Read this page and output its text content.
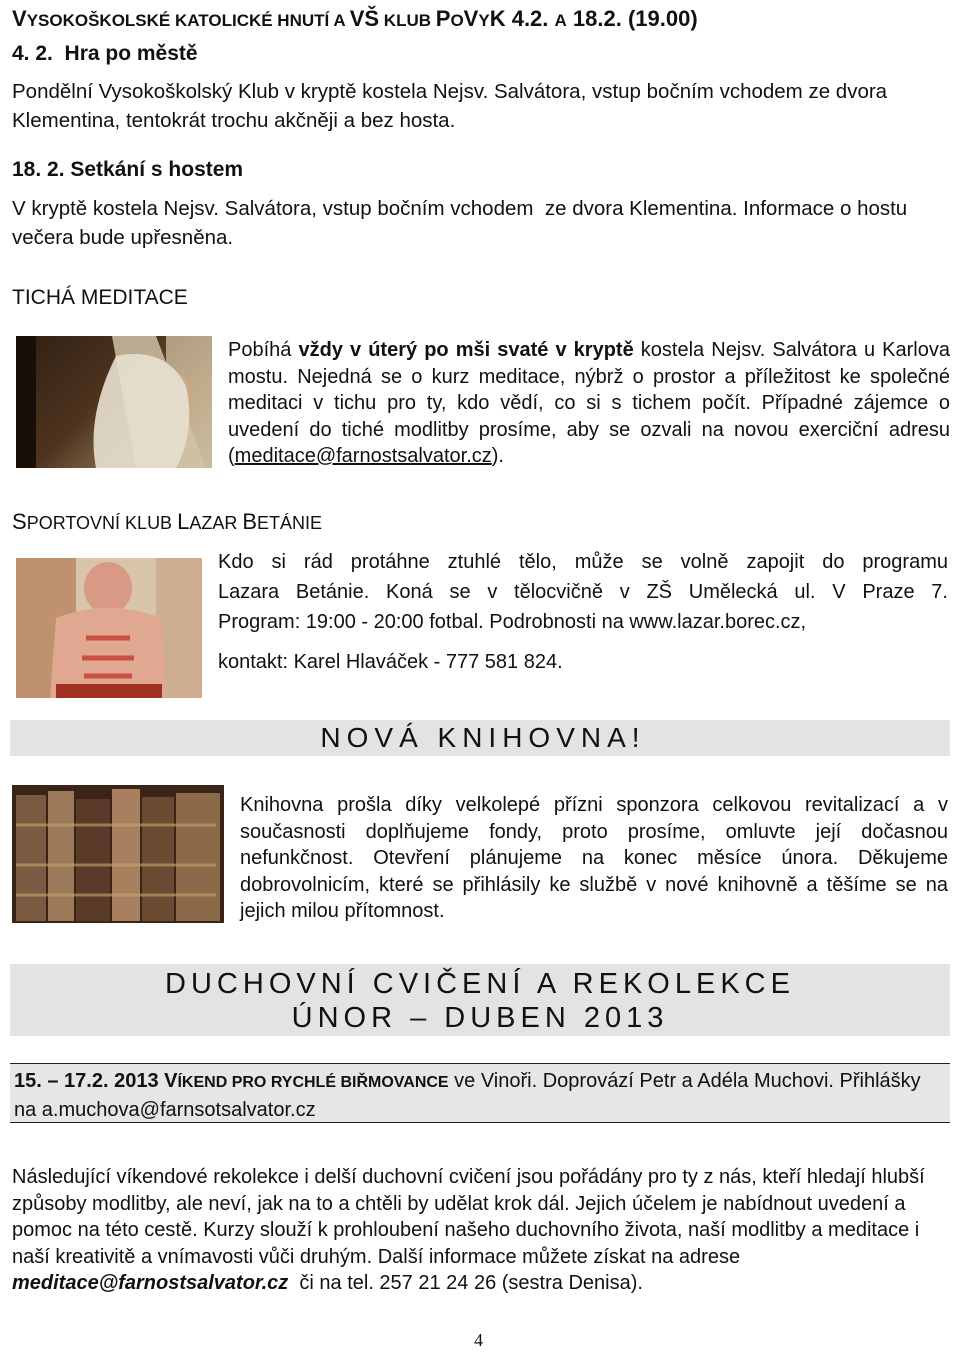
VYSOKOŠKOLSKÉ KATOLICKÉ HNUTÍ A VŠ KLUB POVYK 4.2. A 18.2. (19.00)
4. 2.  Hra po městě
Pondělní Vysokoškolský Klub v kryptě kostela Nejsv. Salvátora, vstup bočním vchodem ze dvora Klementina, tentokrát trochu akčněji a bez hosta.
18. 2. Setkání s hostem
V kryptě kostela Nejsv. Salvátora, vstup bočním vchodem  ze dvora Klementina. Informace o hostu  večera bude upřesněna.
TICHÁ MEDITACE
Pobíhá vždy v úterý po mši svaté v kryptě kostela Nejsv. Salvátora u Karlova mostu. Nejedná se o kurz meditace, nýbrž o prostor a příležitost ke společné meditaci v tichu pro ty, kdo vědí, co si s tichem počít. Případné zájemce o uvedení do tiché modlitby prosíme, aby se ozvali na novou exerciční adresu (meditace@farnostsalvator.cz).
SPORTOVNÍ KLUB LAZAR BETÁNIE
Kdo si rád protáhne ztuhlé tělo, může se volně zapojit do programu
Lazara Betánie. Koná se v tělocvičně v ZŠ Umělecká ul. V Praze 7.
Program: 19:00 - 20:00 fotbal. Podrobnosti na www.lazar.borec.cz,
kontakt: Karel Hlaváček - 777 581 824.
NOVÁ KNIHOVNA!
Knihovna prošla díky velkolepé přízni sponzora celkovou revitalizací a v současnosti doplňujeme fondy, proto prosíme, omluvte její dočasnou nefunkčnost. Otevření plánujeme na konec měsíce února. Děkujeme dobrovolnicím, které se přihlásily ke službě v nové knihovně a těšíme se na jejich milou přítomnost.
DUCHOVNÍ CVIČENÍ A REKOLEKCE
ÚNOR – DUBEN 2013
15. – 17.2. 2013 VÍKEND PRO RYCHLÉ BIŘMOVANCE ve Vinoři. Doprovází Petr a Adéla Muchovi. Přihlášky na a.muchova@farnsotsalvator.cz
Následující víkendové rekolekce i delší duchovní cvičení jsou pořádány pro ty z nás, kteří hledají hlubší způsoby modlitby, ale neví, jak na to a chtěli by udělat krok dál. Jejich účelem je nabídnout uvedení a pomoc na této cestě. Kurzy slouží k prohloubení našeho duchovního života, naší modlitby a meditace i naší kreativitě a vnímavosti vůči druhým. Další informace můžete získat na adrese meditace@farnostsalvator.cz  či na tel. 257 21 24 26 (sestra Denisa).
4
